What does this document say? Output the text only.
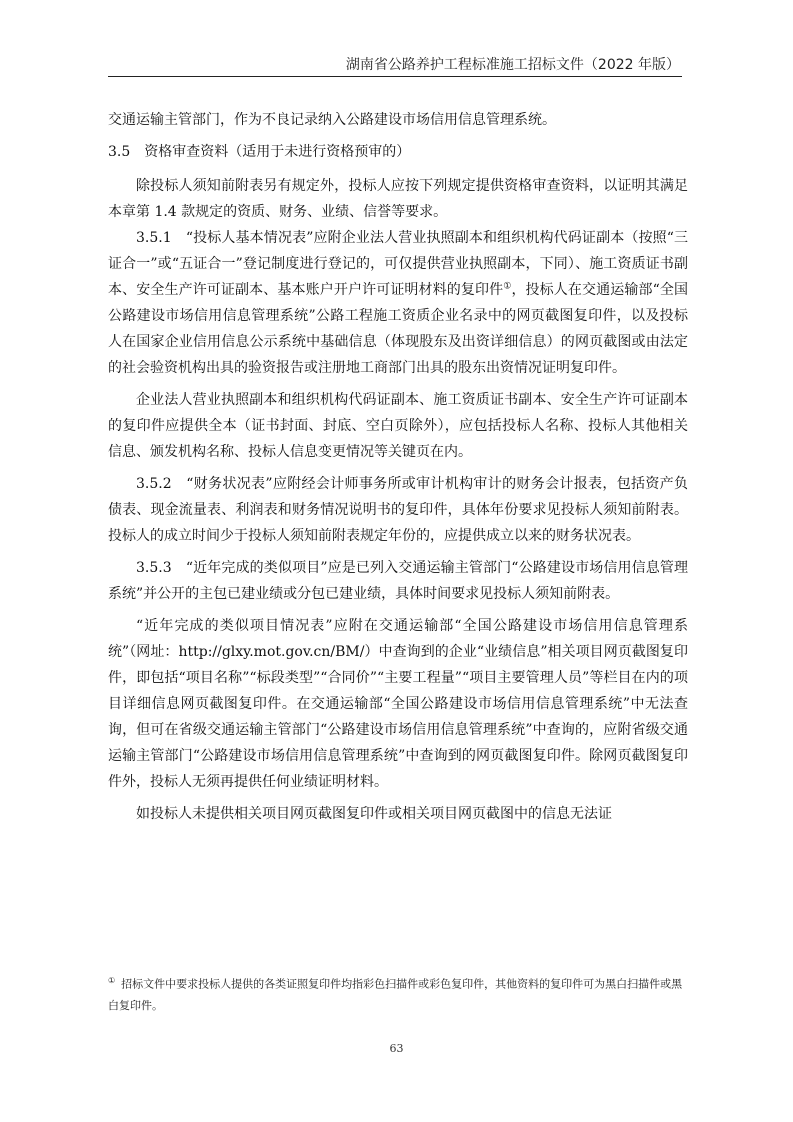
湖南省公路养护工程标准施工招标文件（2022 年版）

交通运输主管部门，作为不良记录纳入公路建设市场信用信息管理系统。

3.5　资格审查资料（适用于未进行资格预审的）

除投标人须知前附表另有规定外，投标人应按下列规定提供资格审查资料，以证明其满足本章第 1.4 款规定的资质、财务、业绩、信誉等要求。

3.5.1　“投标人基本情况表”应附企业法人营业执照副本和组织机构代码证副本（按照“三证合一”或“五证合一”登记制度进行登记的，可仅提供营业执照副本，下同）、施工资质证书副本、安全生产许可证副本、基本账户开户许可证明材料的复印件①，投标人在交通运输部“全国公路建设市场信用信息管理系统”公路工程施工资质企业名录中的网页截图复印件，以及投标人在国家企业信用信息公示系统中基础信息（体现股东及出资详细信息）的网页截图或由法定的社会验资机构出具的验资报告或注册地工商部门出具的股东出资情况证明复印件。

企业法人营业执照副本和组织机构代码证副本、施工资质证书副本、安全生产许可证副本的复印件应提供全本（证书封面、封底、空白页除外），应包括投标人名称、投标人其他相关信息、颁发机构名称、投标人信息变更情况等关键页在内。

3.5.2　“财务状况表”应附经会计师事务所或审计机构审计的财务会计报表，包括资产负债表、现金流量表、利润表和财务情况说明书的复印件，具体年份要求见投标人须知前附表。投标人的成立时间少于投标人须知前附表规定年份的，应提供成立以来的财务状况表。

3.5.3　“近年完成的类似项目”应是已列入交通运输主管部门“公路建设市场信用信息管理系统”并公开的主包已建业绩或分包已建业绩，具体时间要求见投标人须知前附表。

“近年完成的类似项目情况表”应附在交通运输部“全国公路建设市场信用信息管理系统”（网址：http://glxy.mot.gov.cn/BM/）中查询到的企业“业绩信息”相关项目网页截图复印件，即包括“项目名称”“标段类型”“合同价”“主要工程量”“项目主要管理人员”等栏目在内的项目详细信息网页截图复印件。在交通运输部“全国公路建设市场信用信息管理系统”中无法查询，但可在省级交通运输主管部门“公路建设市场信用信息管理系统”中查询的，应附省级交通运输主管部门“公路建设市场信用信息管理系统”中查询到的网页截图复印件。除网页截图复印件外，投标人无须再提供任何业绩证明材料。

如投标人未提供相关项目网页截图复印件或相关项目网页截图中的信息无法证

① 招标文件中要求投标人提供的各类证照复印件均指彩色扫描件或彩色复印件，其他资料的复印件可为黑白扫描件或黑白复印件。
63
